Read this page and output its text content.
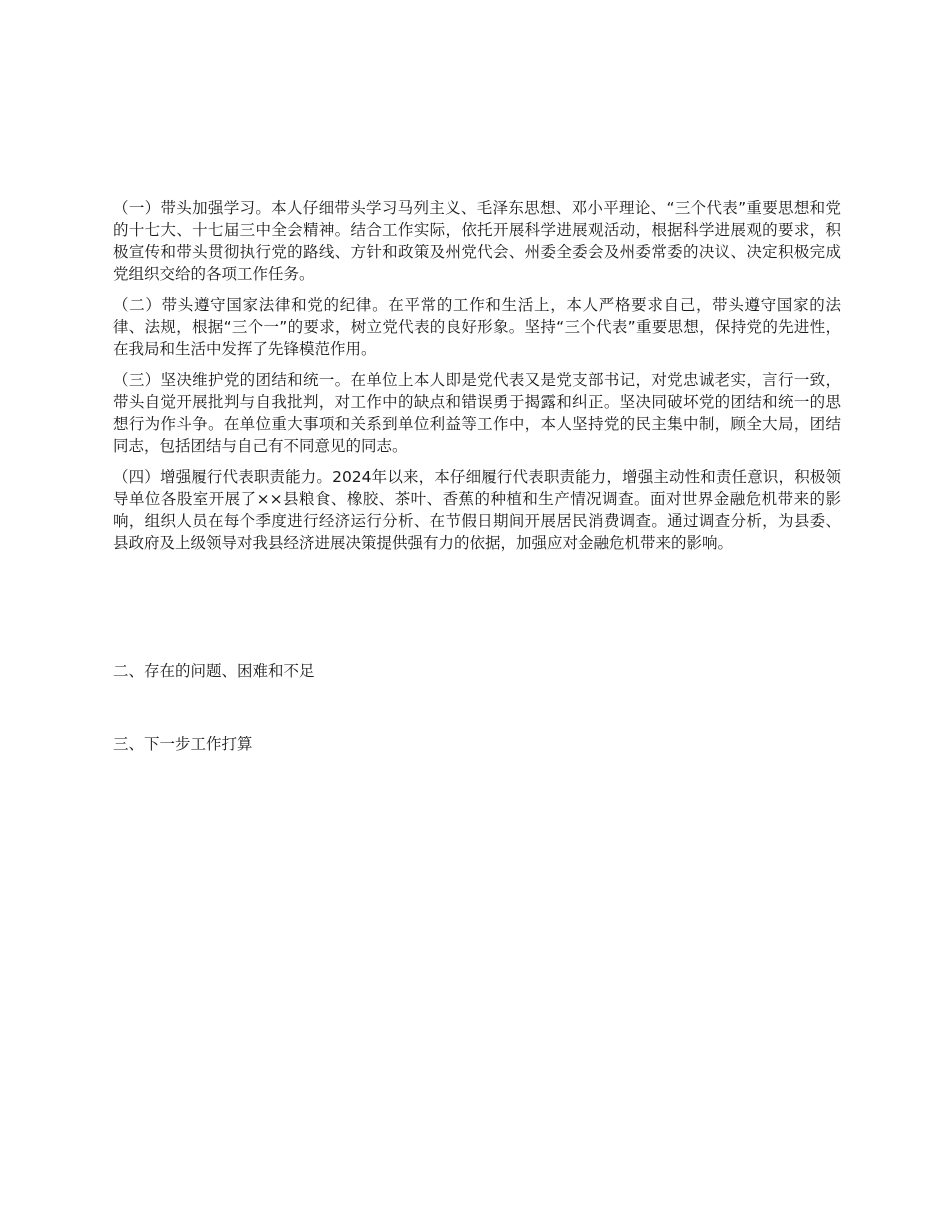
（一）带头加强学习。本人仔细带头学习马列主义、毛泽东思想、邓小平理论、“三个代表”重要思想和党的十七大、十七届三中全会精神。结合工作实际，依托开展科学进展观活动，根据科学进展观的要求，积极宣传和带头贯彻执行党的路线、方针和政策及州党代会、州委全委会及州委常委的决议、决定积极完成党组织交给的各项工作任务。

（二）带头遵守国家法律和党的纪律。在平常的工作和生活上，本人严格要求自己，带头遵守国家的法律、法规，根据“三个一”的要求，树立党代表的良好形象。坚持“三个代表”重要思想，保持党的先进性，在我局和生活中发挥了先锋模范作用。

（三）坚决维护党的团结和统一。在单位上本人即是党代表又是党支部书记，对党忠诚老实，言行一致，带头自觉开展批判与自我批判，对工作中的缺点和错误勇于揭露和纠正。坚决同破坏党的团结和统一的思想行为作斗争。在单位重大事项和关系到单位利益等工作中，本人坚持党的民主集中制，顾全大局，团结同志，包括团结与自己有不同意见的同志。

（四）增强履行代表职责能力。2024年以来，本仔细履行代表职责能力，增强主动性和责任意识，积极领导单位各股室开展了××县粮食、橡胶、茶叶、香蕉的种植和生产情况调查。面对世界金融危机带来的影响，组织人员在每个季度进行经济运行分析、在节假日期间开展居民消费调查。通过调查分析，为县委、县政府及上级领导对我县经济进展决策提供强有力的依据，加强应对金融危机带来的影响。

二、存在的问题、困难和不足

三、下一步工作打算
